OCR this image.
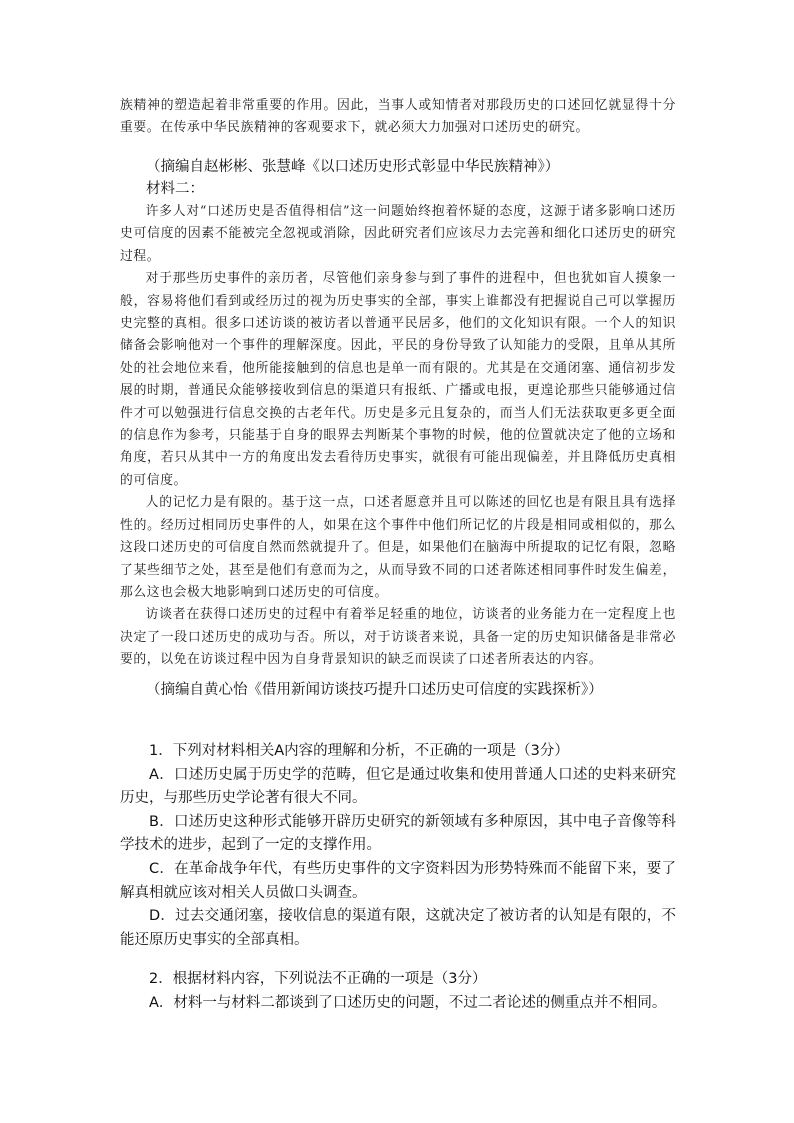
族精神的塑造起着非常重要的作用。因此，当事人或知情者对那段历史的口述回忆就显得十分重要。在传承中华民族精神的客观要求下，就必须大力加强对口述历史的研究。

（摘编自赵彬彬、张慧峰《以口述历史形式彰显中华民族精神》）
材料二：

许多人对“口述历史是否值得相信”这一问题始终抱着怀疑的态度，这源于诸多影响口述历史可信度的因素不能被完全忽视或消除，因此研究者们应该尽力去完善和细化口述历史的研究过程。

对于那些历史事件的亲历者，尽管他们亲身参与到了事件的进程中，但也犹如盲人摸象一般，容易将他们看到或经历过的视为历史事实的全部，事实上谁都没有把握说自己可以掌握历史完整的真相。很多口述访谈的被访者以普通平民居多，他们的文化知识有限。一个人的知识储备会影响他对一个事件的理解深度。因此，平民的身份导致了认知能力的受限，且单从其所处的社会地位来看，他所能接触到的信息也是单一而有限的。尤其是在交通闭塞、通信初步发展的时期，普通民众能够接收到信息的渠道只有报纸、广播或电报，更遑论那些只能够通过信件才可以勉强进行信息交换的古老年代。历史是多元且复杂的，而当人们无法获取更多更全面的信息作为参考，只能基于自身的眼界去判断某个事物的时候，他的位置就决定了他的立场和角度，若只从其中一方的角度出发去看待历史事实，就很有可能出现偏差，并且降低历史真相的可信度。

人的记忆力是有限的。基于这一点，口述者愿意并且可以陈述的回忆也是有限且具有选择性的。经历过相同历史事件的人，如果在这个事件中他们所记忆的片段是相同或相似的，那么这段口述历史的可信度自然而然就提升了。但是，如果他们在脑海中所提取的记忆有限，忽略了某些细节之处，甚至是他们有意而为之，从而导致不同的口述者陈述相同事件时发生偏差，那么这也会极大地影响到口述历史的可信度。

访谈者在获得口述历史的过程中有着举足轻重的地位，访谈者的业务能力在一定程度上也决定了一段口述历史的成功与否。所以，对于访谈者来说，具备一定的历史知识储备是非常必要的，以免在访谈过程中因为自身背景知识的缺乏而误读了口述者所表达的内容。

（摘编自黄心怡《借用新闻访谈技巧提升口述历史可信度的实践探析》）

1．下列对材料相关A内容的理解和分析，不正确的一项是（3分）

A．口述历史属于历史学的范畴，但它是通过收集和使用普通人口述的史料来研究历史，与那些历史学论著有很大不同。

B．口述历史这种形式能够开辟历史研究的新领域有多种原因，其中电子音像等科学技术的进步，起到了一定的支撑作用。

C．在革命战争年代，有些历史事件的文字资料因为形势特殊而不能留下来，要了解真相就应该对相关人员做口头调查。

D．过去交通闭塞，接收信息的渠道有限，这就决定了被访者的认知是有限的，不能还原历史事实的全部真相。

2．根据材料内容，下列说法不正确的一项是（3分）

A．材料一与材料二都谈到了口述历史的问题，不过二者论述的侧重点并不相同。
